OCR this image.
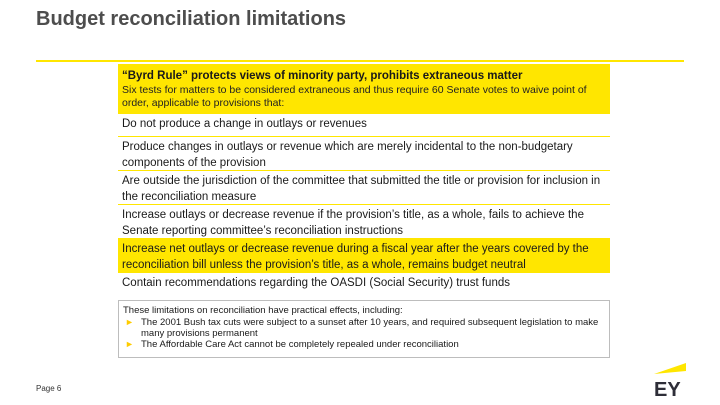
Budget reconciliation limitations
“Byrd Rule” protects views of minority party, prohibits extraneous matter
Six tests for matters to be considered extraneous and thus require 60 Senate votes to waive point of order, applicable to provisions that:
Do not produce a change in outlays or revenues
Produce changes in outlays or revenue which are merely incidental to the non-budgetary components of the provision
Are outside the jurisdiction of the committee that submitted the title or provision for inclusion in the reconciliation measure
Increase outlays or decrease revenue if the provision’s title, as a whole, fails to achieve the Senate reporting committee’s reconciliation instructions
Increase net outlays or decrease revenue during a fiscal year after the years covered by the reconciliation bill unless the provision’s title, as a whole, remains budget neutral
Contain recommendations regarding the OASDI (Social Security) trust funds

These limitations on reconciliation have practical effects, including:

► The 2001 Bush tax cuts were subject to a sunset after 10 years, and required subsequent legislation to make many provisions permanent
► The Affordable Care Act cannot be completely repealed under reconciliation
Page 6	EY
